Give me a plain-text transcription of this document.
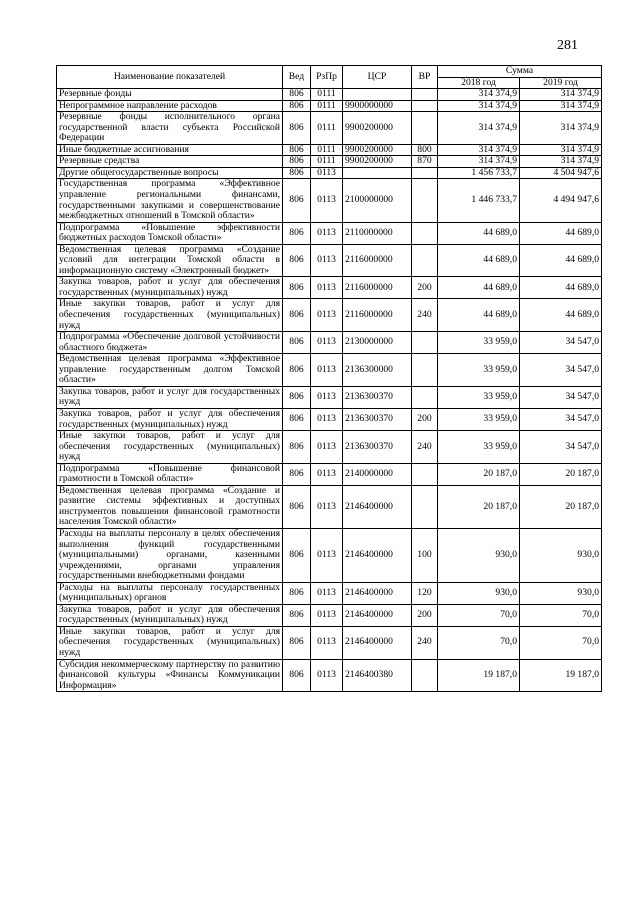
281
Наименование показателей	Вед	РзПр	ЦСР	ВР	Сумма	
					2018 год	2019 год
Резервные фонды	806	0111			314 374,9	314 374,9
Непрограммное направление расходов	806	0111	9900000000		314 374,9	314 374,9
Резервные фонды исполнительного органа государственной власти субъекта Российской Федерации	806	0111	9900200000		314 374,9	314 374,9
Иные бюджетные ассигнования	806	0111	9900200000	800	314 374,9	314 374,9
Резервные средства	806	0111	9900200000	870	314 374,9	314 374,9
Другие общегосударственные вопросы	806	0113			1 456 733,7	4 504 947,6
Государственная программа «Эффективное управление региональными финансами, государственными закупками и совершенствование межбюджетных отношений в Томской области»	806	0113	2100000000		1 446 733,7	4 494 947,6
Подпрограмма «Повышение эффективности бюджетных расходов Томской области»	806	0113	2110000000		44 689,0	44 689,0
Ведомственная целевая программа «Создание условий для интеграции Томской области в информационную систему «Электронный бюджет»	806	0113	2116000000		44 689,0	44 689,0
Закупка товаров, работ и услуг для обеспечения государственных (муниципальных) нужд	806	0113	2116000000	200	44 689,0	44 689,0
Иные закупки товаров, работ и услуг для обеспечения государственных (муниципальных) нужд	806	0113	2116000000	240	44 689,0	44 689,0
Подпрограмма «Обеспечение долговой устойчивости областного бюджета»	806	0113	2130000000		33 959,0	34 547,0
Ведомственная целевая программа «Эффективное управление государственным долгом Томской области»	806	0113	2136300000		33 959,0	34 547,0
Закупка товаров, работ и услуг для государственных нужд	806	0113	2136300370		33 959,0	34 547,0
Закупка товаров, работ и услуг для обеспечения государственных (муниципальных) нужд	806	0113	2136300370	200	33 959,0	34 547,0
Иные закупки товаров, работ и услуг для обеспечения государственных (муниципальных) нужд	806	0113	2136300370	240	33 959,0	34 547,0
Подпрограмма «Повышение финансовой грамотности в Томской области»	806	0113	2140000000		20 187,0	20 187,0
Ведомственная целевая программа «Создание и развитие системы эффективных и доступных инструментов повышения финансовой грамотности населения Томской области»	806	0113	2146400000		20 187,0	20 187,0
Расходы на выплаты персоналу в целях обеспечения выполнения функций государственными (муниципальными) органами, казенными учреждениями, органами управления государственными внебюджетными фондами	806	0113	2146400000	100	930,0	930,0
Расходы на выплаты персоналу государственных (муниципальных) органов	806	0113	2146400000	120	930,0	930,0
Закупка товаров, работ и услуг для обеспечения государственных (муниципальных) нужд	806	0113	2146400000	200	70,0	70,0
Иные закупки товаров, работ и услуг для обеспечения государственных (муниципальных) нужд	806	0113	2146400000	240	70,0	70,0
Субсидия некоммерческому партнерству по развитию финансовой культуры «Финансы Коммуникации Информация»	806	0113	2146400380		19 187,0	19 187,0
